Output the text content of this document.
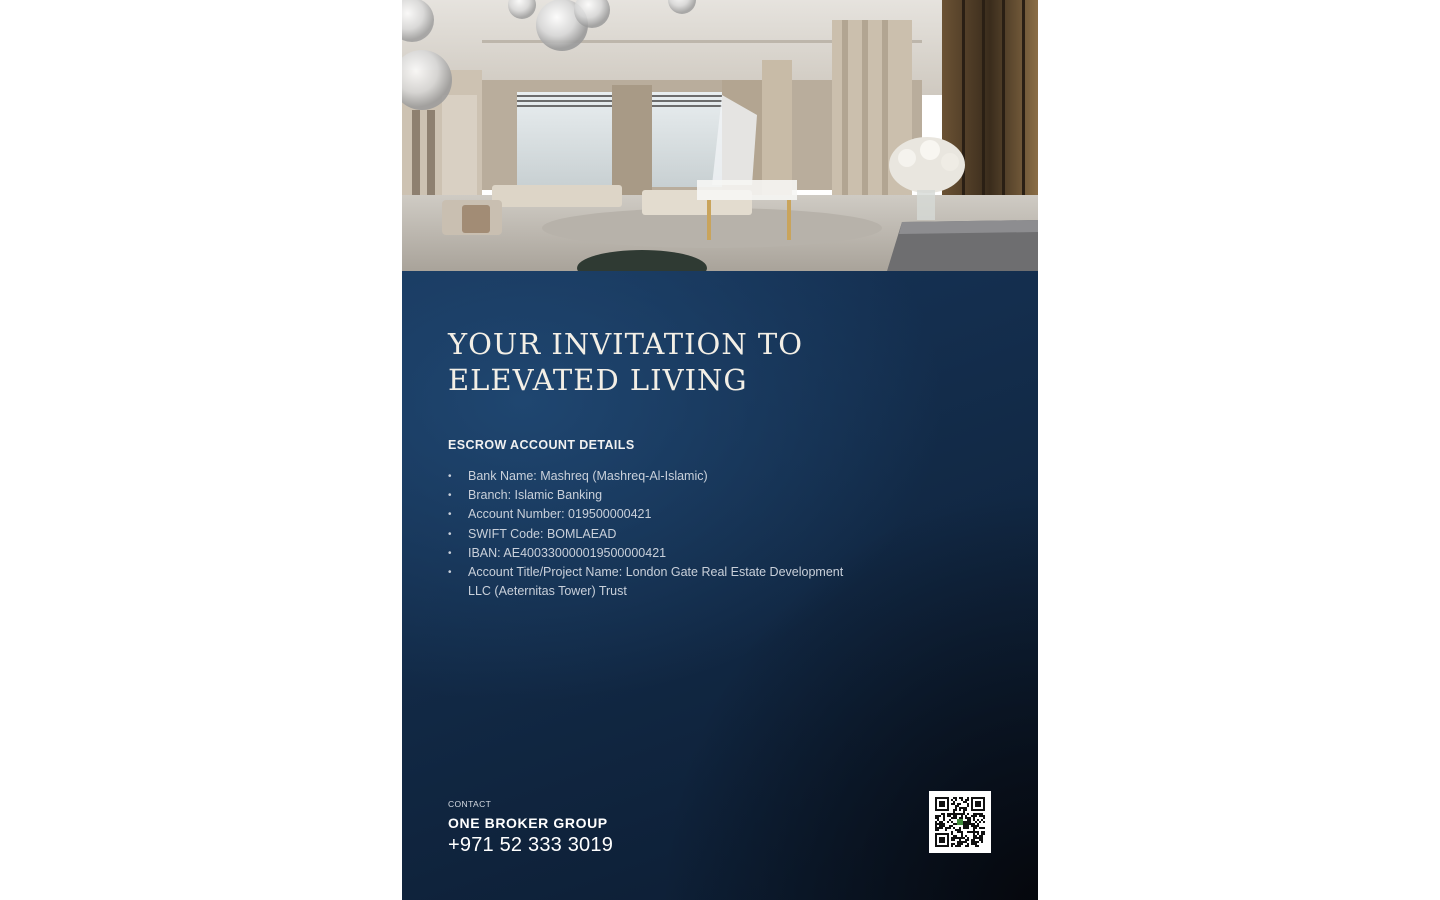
YOUR INVITATION TO
ELEVATED LIVING
ESCROW ACCOUNT DETAILS
• Bank Name: Mashreq (Mashreq-Al-Islamic)
• Branch: Islamic Banking
• Account Number: 019500000421
• SWIFT Code: BOMLAEAD
• IBAN: AE400330000019500000421
• Account Title/Project Name: London Gate Real Estate Development LLC (Aeternitas Tower) Trust
CONTACT
ONE BROKER GROUP
+971 52 333 3019
